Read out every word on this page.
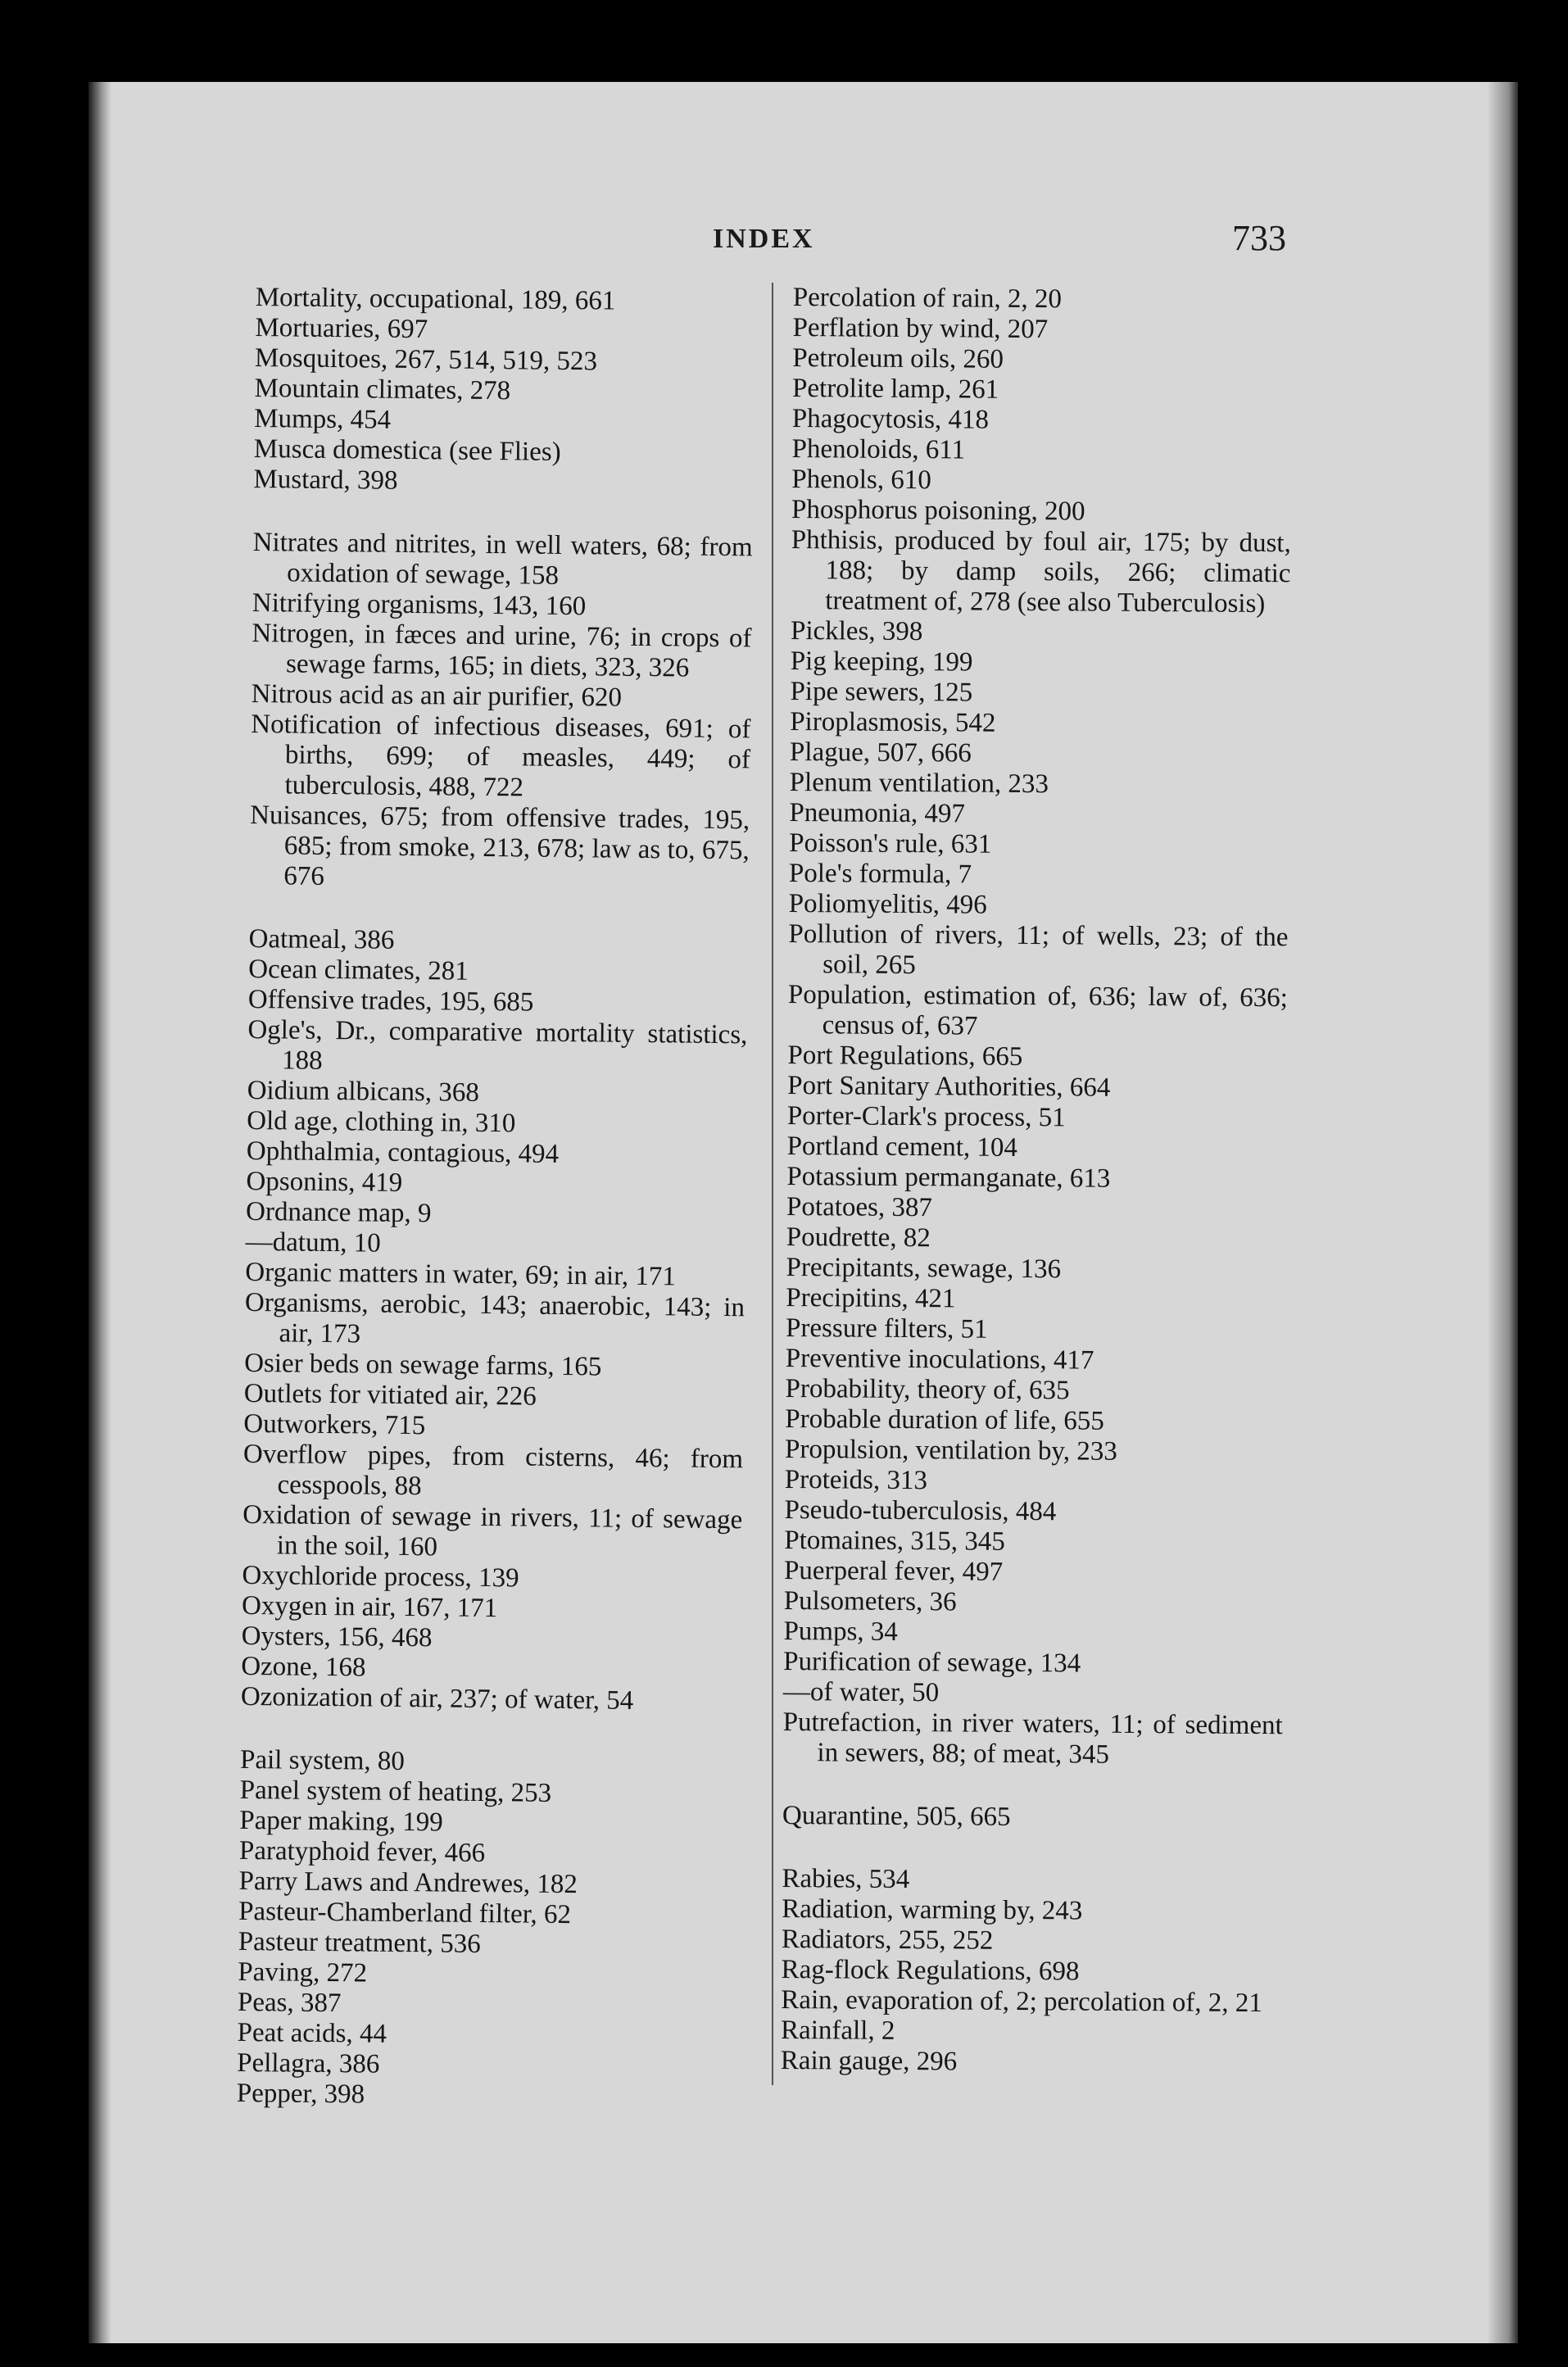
INDEX	733
Mortality, occupational, 189, 661
Mortuaries, 697
Mosquitoes, 267, 514, 519, 523
Mountain climates, 278
Mumps, 454
Musca domestica (see Flies)
Mustard, 398
Nitrates and nitrites, in well waters, 68; from oxidation of sewage, 158
Nitrifying organisms, 143, 160
Nitrogen, in fæces and urine, 76; in crops of sewage farms, 165; in diets, 323, 326
Nitrous acid as an air purifier, 620
Notification of infectious diseases, 691; of births, 699; of measles, 449; of tuberculosis, 488, 722
Nuisances, 675; from offensive trades, 195, 685; from smoke, 213, 678; law as to, 675, 676
Oatmeal, 386
Ocean climates, 281
Offensive trades, 195, 685
Ogle's, Dr., comparative mortality statistics, 188
Oidium albicans, 368
Old age, clothing in, 310
Ophthalmia, contagious, 494
Opsonins, 419
Ordnance map, 9
—datum, 10
Organic matters in water, 69; in air, 171
Organisms, aerobic, 143; anaerobic, 143; in air, 173
Osier beds on sewage farms, 165
Outlets for vitiated air, 226
Outworkers, 715
Overflow pipes, from cisterns, 46; from cesspools, 88
Oxidation of sewage in rivers, 11; of sewage in the soil, 160
Oxychloride process, 139
Oxygen in air, 167, 171
Oysters, 156, 468
Ozone, 168
Ozonization of air, 237; of water, 54
Pail system, 80
Panel system of heating, 253
Paper making, 199
Paratyphoid fever, 466
Parry Laws and Andrewes, 182
Pasteur-Chamberland filter, 62
Pasteur treatment, 536
Paving, 272
Peas, 387
Peat acids, 44
Pellagra, 386
Pepper, 398
Percolation of rain, 2, 20
Perflation by wind, 207
Petroleum oils, 260
Petrolite lamp, 261
Phagocytosis, 418
Phenoloids, 611
Phenols, 610
Phosphorus poisoning, 200
Phthisis, produced by foul air, 175; by dust, 188; by damp soils, 266; climatic treatment of, 278 (see also Tuberculosis)
Pickles, 398
Pig keeping, 199
Pipe sewers, 125
Piroplasmosis, 542
Plague, 507, 666
Plenum ventilation, 233
Pneumonia, 497
Poisson's rule, 631
Pole's formula, 7
Poliomyelitis, 496
Pollution of rivers, 11; of wells, 23; of the soil, 265
Population, estimation of, 636; law of, 636; census of, 637
Port Regulations, 665
Port Sanitary Authorities, 664
Porter-Clark's process, 51
Portland cement, 104
Potassium permanganate, 613
Potatoes, 387
Poudrette, 82
Precipitants, sewage, 136
Precipitins, 421
Pressure filters, 51
Preventive inoculations, 417
Probability, theory of, 635
Probable duration of life, 655
Propulsion, ventilation by, 233
Proteids, 313
Pseudo-tuberculosis, 484
Ptomaines, 315, 345
Puerperal fever, 497
Pulsometers, 36
Pumps, 34
Purification of sewage, 134
—of water, 50
Putrefaction, in river waters, 11; of sediment in sewers, 88; of meat, 345
Quarantine, 505, 665
Rabies, 534
Radiation, warming by, 243
Radiators, 255, 252
Rag-flock Regulations, 698
Rain, evaporation of, 2; percolation of, 2, 21
Rainfall, 2
Rain gauge, 296
